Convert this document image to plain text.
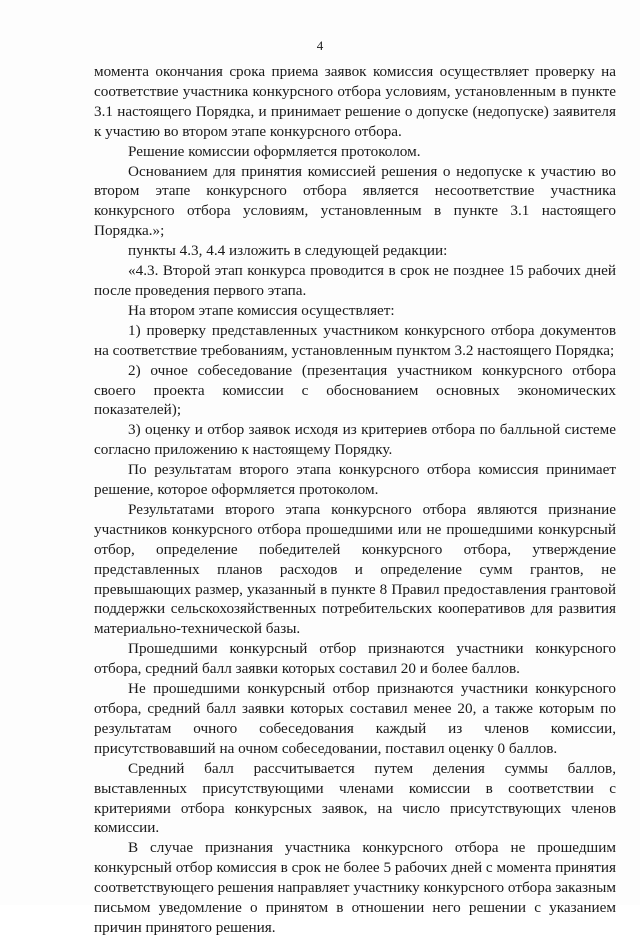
4

момента окончания срока приема заявок комиссия осуществляет проверку на соответствие участника конкурсного отбора условиям, установленным в пункте 3.1 настоящего Порядка, и принимает решение о допуске (недопуске) заявителя к участию во втором этапе конкурсного отбора.

Решение комиссии оформляется протоколом.

Основанием для принятия комиссией решения о недопуске к участию во втором этапе конкурсного отбора является несоответствие участника конкурсного отбора условиям, установленным в пункте 3.1 настоящего Порядка.»;

пункты 4.3, 4.4 изложить в следующей редакции:

«4.3. Второй этап конкурса проводится в срок не позднее 15 рабочих дней после проведения первого этапа.

На втором этапе комиссия осуществляет:

1) проверку представленных участником конкурсного отбора документов на соответствие требованиям, установленным пунктом 3.2 настоящего Порядка;

2) очное собеседование (презентация участником конкурсного отбора своего проекта комиссии с обоснованием основных экономических показателей);

3) оценку и отбор заявок исходя из критериев отбора по балльной системе согласно приложению к настоящему Порядку.

По результатам второго этапа конкурсного отбора комиссия принимает решение, которое оформляется протоколом.

Результатами второго этапа конкурсного отбора являются признание участников конкурсного отбора прошедшими или не прошедшими конкурсный отбор, определение победителей конкурсного отбора, утверждение представленных планов расходов и определение сумм грантов, не превышающих размер, указанный в пункте 8 Правил предоставления грантовой поддержки сельскохозяйственных потребительских кооперативов для развития материально-технической базы.

Прошедшими конкурсный отбор признаются участники конкурсного отбора, средний балл заявки которых составил 20 и более баллов.

Не прошедшими конкурсный отбор признаются участники конкурсного отбора, средний балл заявки которых составил менее 20, а также которым по результатам очного собеседования каждый из членов комиссии, присутствовавший на очном собеседовании, поставил оценку 0 баллов.

Средний балл рассчитывается путем деления суммы баллов, выставленных присутствующими членами комиссии в соответствии с критериями отбора конкурсных заявок, на число присутствующих членов комиссии.

В случае признания участника конкурсного отбора не прошедшим конкурсный отбор комиссия в срок не более 5 рабочих дней с момента принятия соответствующего решения направляет участнику конкурсного отбора заказным письмом уведомление о принятом в отношении него решении с указанием причин принятого решения.
